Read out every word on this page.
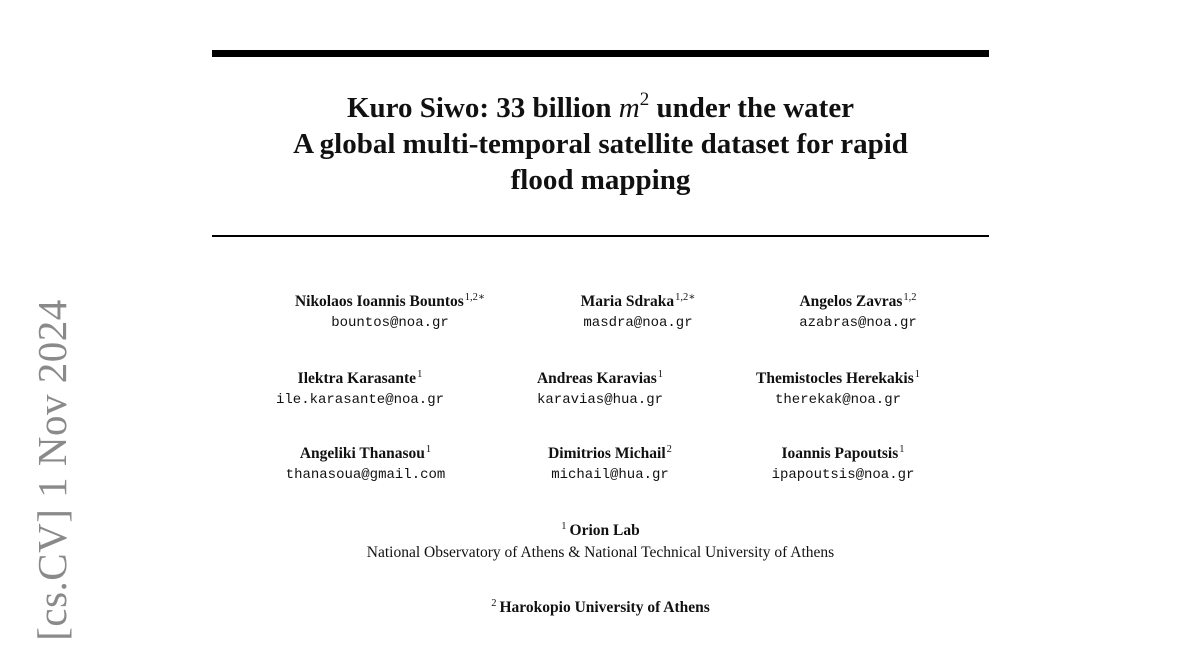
[cs.CV] 1 Nov 2024
Kuro Siwo: 33 billion $m^2$ under the water
A global multi-temporal satellite dataset for rapid
flood mapping
Nikolaos Ioannis Bountos$^{1,2∗}$
bountos@noa.gr
Maria Sdraka$^{1,2∗}$
masdra@noa.gr
Angelos Zavras$^{1,2}$
azabras@noa.gr
Ilektra Karasante$^1$
ile.karasante@noa.gr
Andreas Karavias$^1$
karavias@hua.gr
Themistocles Herekakis$^1$
therekak@noa.gr
Angeliki Thanasou$^1$
thanasoua@gmail.com
Dimitrios Michail$^2$
michail@hua.gr
Ioannis Papoutsis$^1$
ipapoutsis@noa.gr
$^1$ Orion Lab
National Observatory of Athens & National Technical University of Athens
$^2$ Harokopio University of Athens
